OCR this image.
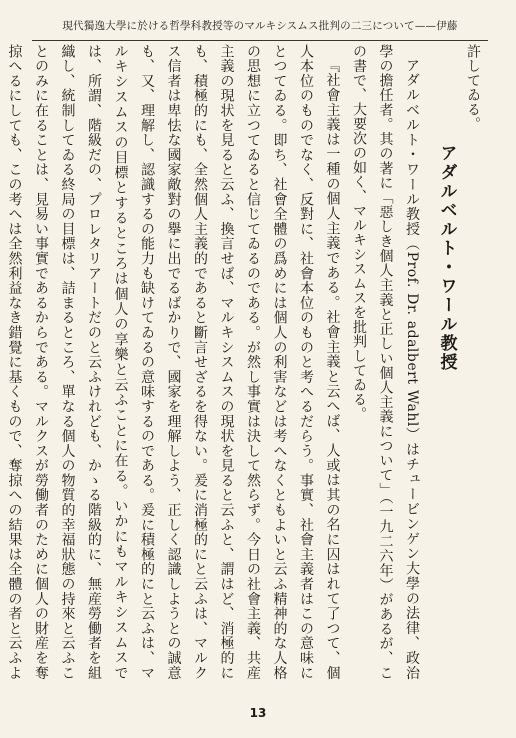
現代獨逸大學に於ける哲學科教授等のマルキシスムス批判の二三について——伊藤

許してゐる。

アダルベルト・ワール教授

アダルベルト・ワール教授（Prof. Dr. adalbert Wahl）はチュービンゲン大學の法律、政治學の擔任者。其の著に「惡しき個人主義と正しい個人主義について」（一九二六年）があるが、この書で、大要次の如く、マルキシスムスを批判してゐる。

『社會主義は一種の個人主義である。社會主義と云へば、人或は其の名に囚はれて了つて、個人本位のものでなく、反對に、社會本位のものと考へるだらう。事實、社會主義者はこの意味にとつてゐる。即ち、社會全體の爲めには個人の利害などは考へなくともよいと云ふ精神的な人格の思想に立つてゐると信じてゐるのである。が然し事實は決して然らず。今日の社會主義、共産主義の現状を見ると云ふ、換言せば、マルキシスムスの現状を見ると云ふと、謂はど、消極的にも、積極的にも、全然個人主義的であると斷言せざるを得ない。爰に消極的にと云ふは、マルクス信者は卑怯な國家敵對の擧に出でるばかりで、國家を理解しよう、正しく認識しようとの誠意も、又、理解し、認識するの能力も缺けてゐるの意味するのである。爰に積極的にと云ふは、マルキシスムスの目標とするところは個人の享樂と云ふことに在る。いかにもマルキシスムスでは、所謂、階級だの、プロレタリアートだのと云ふけれども、かゝる階級的に、無産勞働者を組織し、統制してゐる終局の目標は、詰まるところ、單なる個人の物質的幸福狀態の持來と云ふことのみに在ることは、見易い事實であるからである。マルクスが勞働者のために個人の財産を奪掠へるにしても、この考へは全然利益なき錯覺に基くもので、奪掠への結果は全體の者と云ふよ

13
